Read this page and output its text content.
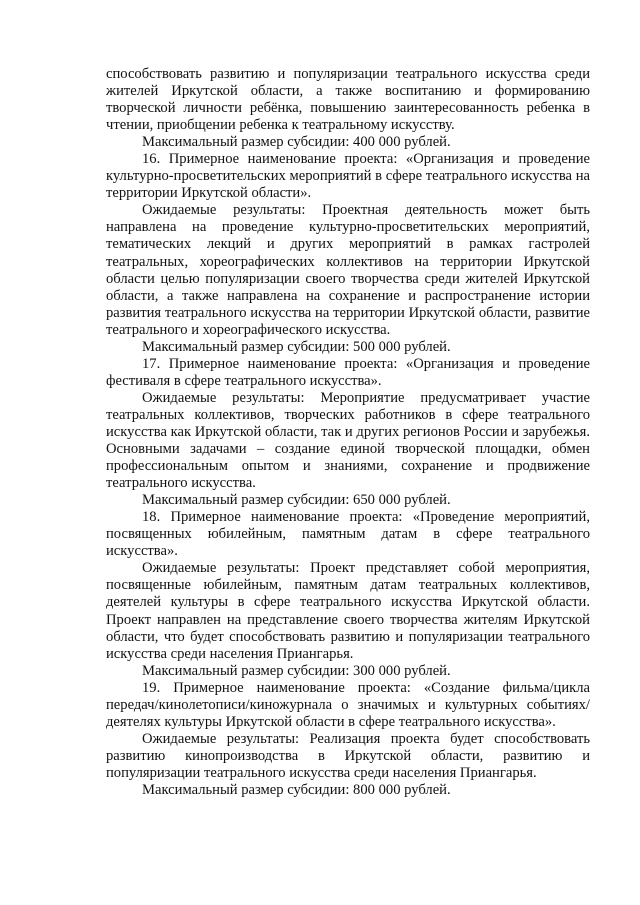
способствовать развитию и популяризации театрального искусства среди жителей Иркутской области, а также воспитанию и формированию творческой личности ребёнка, повышению заинтересованность ребенка в чтении, приобщении ребенка к театральному искусству.

Максимальный размер субсидии: 400 000 рублей.

16. Примерное наименование проекта: «Организация и проведение культурно-просветительских мероприятий в сфере театрального искусства на территории Иркутской области».

Ожидаемые результаты: Проектная деятельность может быть направлена на проведение культурно-просветительских мероприятий, тематических лекций и других мероприятий в рамках гастролей театральных, хореографических коллективов на территории Иркутской области целью популяризации своего творчества среди жителей Иркутской области, а также направлена на сохранение и распространение истории развития театрального искусства на территории Иркутской области, развитие театрального и хореографического искусства.

Максимальный размер субсидии: 500 000 рублей.

17. Примерное наименование проекта: «Организация и проведение фестиваля в сфере театрального искусства».

Ожидаемые результаты: Мероприятие предусматривает участие театральных коллективов, творческих работников в сфере театрального искусства как Иркутской области, так и других регионов России и зарубежья. Основными задачами – создание единой творческой площадки, обмен профессиональным опытом и знаниями, сохранение и продвижение театрального искусства.

Максимальный размер субсидии: 650 000 рублей.

18. Примерное наименование проекта: «Проведение мероприятий, посвященных юбилейным, памятным датам в сфере театрального искусства».

Ожидаемые результаты: Проект представляет собой мероприятия, посвященные юбилейным, памятным датам театральных коллективов, деятелей культуры в сфере театрального искусства Иркутской области. Проект направлен на представление своего творчества жителям Иркутской области, что будет способствовать развитию и популяризации театрального искусства среди населения Приангарья.

Максимальный размер субсидии: 300 000 рублей.

19. Примерное наименование проекта: «Создание фильма/цикла передач/кинолетописи/киножурнала о значимых и культурных событиях/деятелях культуры Иркутской области в сфере театрального искусства».

Ожидаемые результаты: Реализация проекта будет способствовать развитию кинопроизводства в Иркутской области, развитию и популяризации театрального искусства среди населения Приангарья.

Максимальный размер субсидии: 800 000 рублей.
